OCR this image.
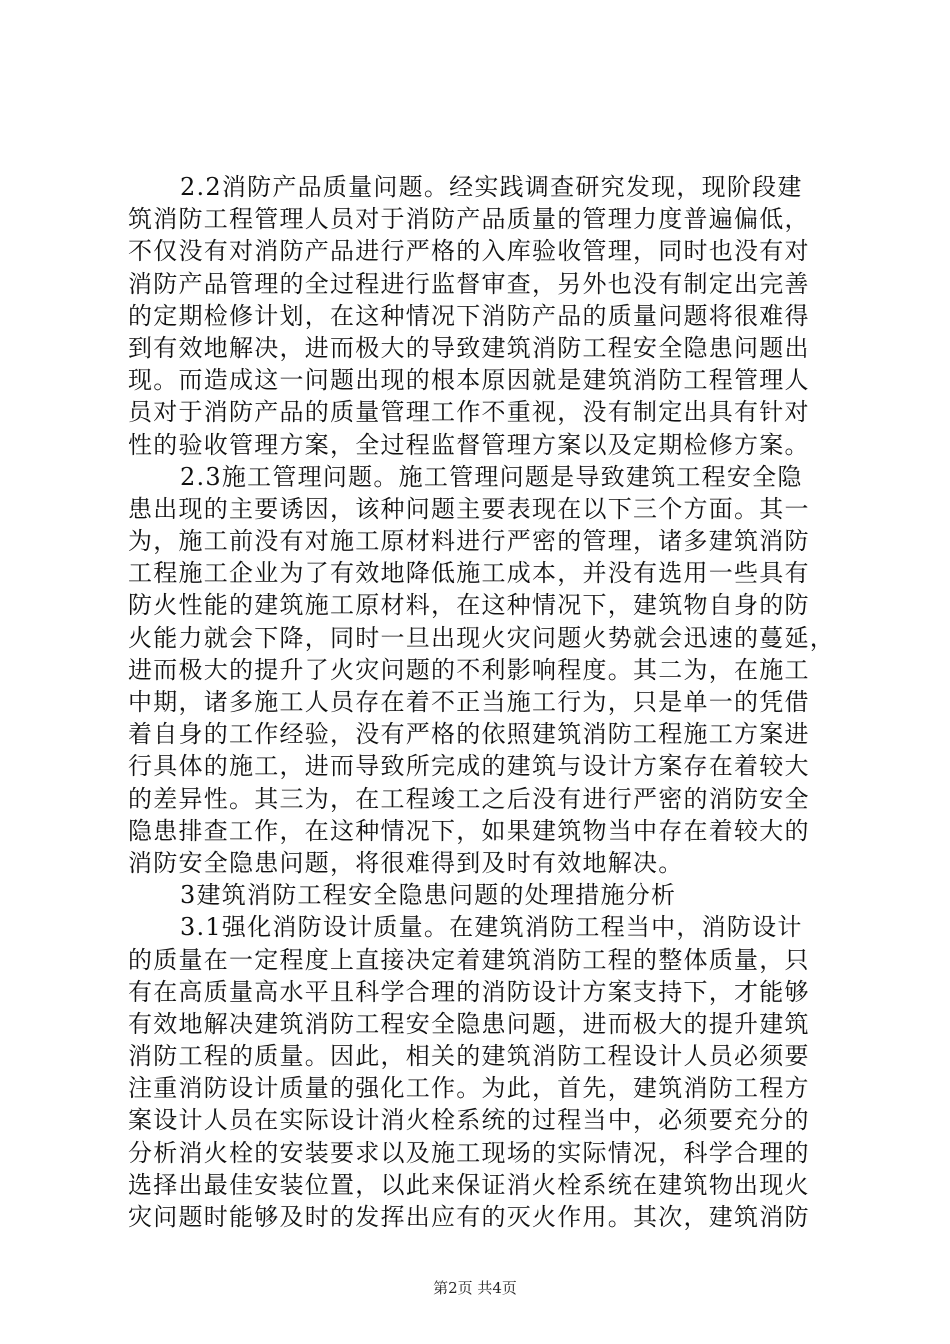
2.2消防产品质量问题。经实践调查研究发现，现阶段建
筑消防工程管理人员对于消防产品质量的管理力度普遍偏低，
不仅没有对消防产品进行严格的入库验收管理，同时也没有对
消防产品管理的全过程进行监督审查，另外也没有制定出完善
的定期检修计划，在这种情况下消防产品的质量问题将很难得
到有效地解决，进而极大的导致建筑消防工程安全隐患问题出
现。而造成这一问题出现的根本原因就是建筑消防工程管理人
员对于消防产品的质量管理工作不重视，没有制定出具有针对
性的验收管理方案，全过程监督管理方案以及定期检修方案。
2.3施工管理问题。施工管理问题是导致建筑工程安全隐
患出现的主要诱因，该种问题主要表现在以下三个方面。其一
为，施工前没有对施工原材料进行严密的管理，诸多建筑消防
工程施工企业为了有效地降低施工成本，并没有选用一些具有
防火性能的建筑施工原材料，在这种情况下，建筑物自身的防
火能力就会下降，同时一旦出现火灾问题火势就会迅速的蔓延，
进而极大的提升了火灾问题的不利影响程度。其二为，在施工
中期，诸多施工人员存在着不正当施工行为，只是单一的凭借
着自身的工作经验，没有严格的依照建筑消防工程施工方案进
行具体的施工，进而导致所完成的建筑与设计方案存在着较大
的差异性。其三为，在工程竣工之后没有进行严密的消防安全
隐患排查工作，在这种情况下，如果建筑物当中存在着较大的
消防安全隐患问题，将很难得到及时有效地解决。
3建筑消防工程安全隐患问题的处理措施分析
3.1强化消防设计质量。在建筑消防工程当中，消防设计
的质量在一定程度上直接决定着建筑消防工程的整体质量，只
有在高质量高水平且科学合理的消防设计方案支持下，才能够
有效地解决建筑消防工程安全隐患问题，进而极大的提升建筑
消防工程的质量。因此，相关的建筑消防工程设计人员必须要
注重消防设计质量的强化工作。为此，首先，建筑消防工程方
案设计人员在实际设计消火栓系统的过程当中，必须要充分的
分析消火栓的安装要求以及施工现场的实际情况，科学合理的
选择出最佳安装位置，以此来保证消火栓系统在建筑物出现火
灾问题时能够及时的发挥出应有的灭火作用。其次，建筑消防
第2页 共4页
